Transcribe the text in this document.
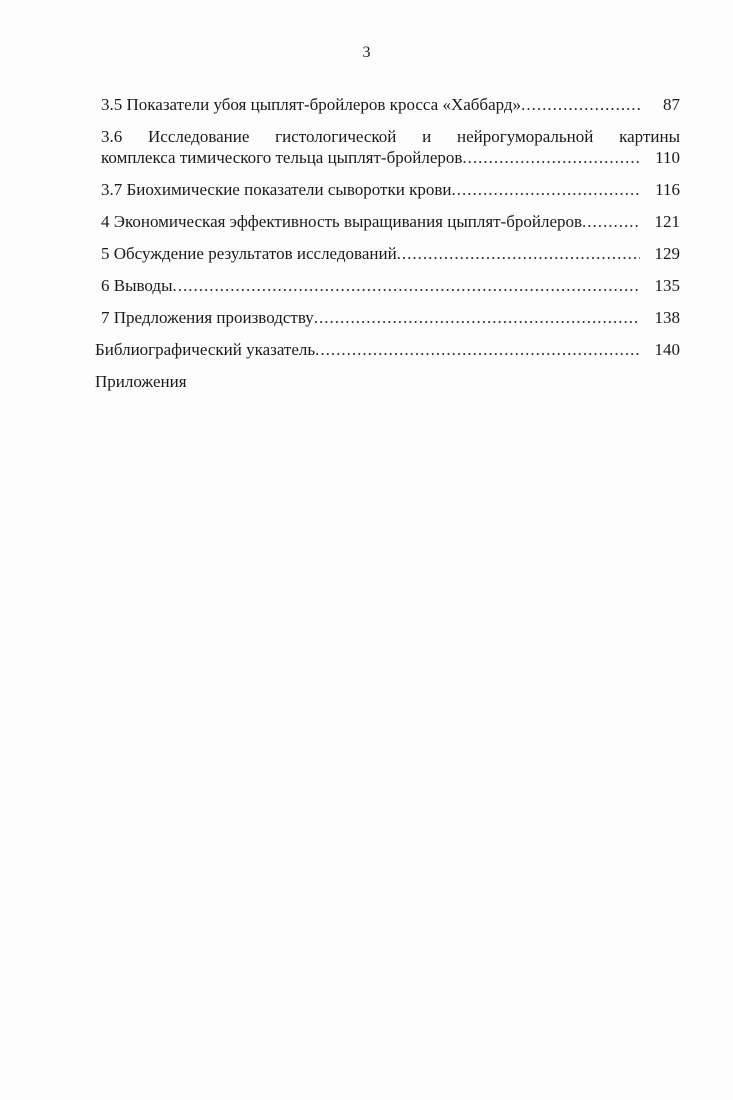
3
3.5 Показатели убоя цыплят-бройлеров кросса «Хаббард» .....	87
3.6 Исследование гистологической и нейрогуморальной картины
комплекса тимического тельца цыплят-бройлеров .....	110
3.7 Биохимические показатели сыворотки крови .....	116
4 Экономическая эффективность выращивания цыплят-бройлеров .....	121
5 Обсуждение результатов исследований .....	129
6 Выводы .....	135
7 Предложения производству .....	138
Библиографический указатель .....	140
Приложения
